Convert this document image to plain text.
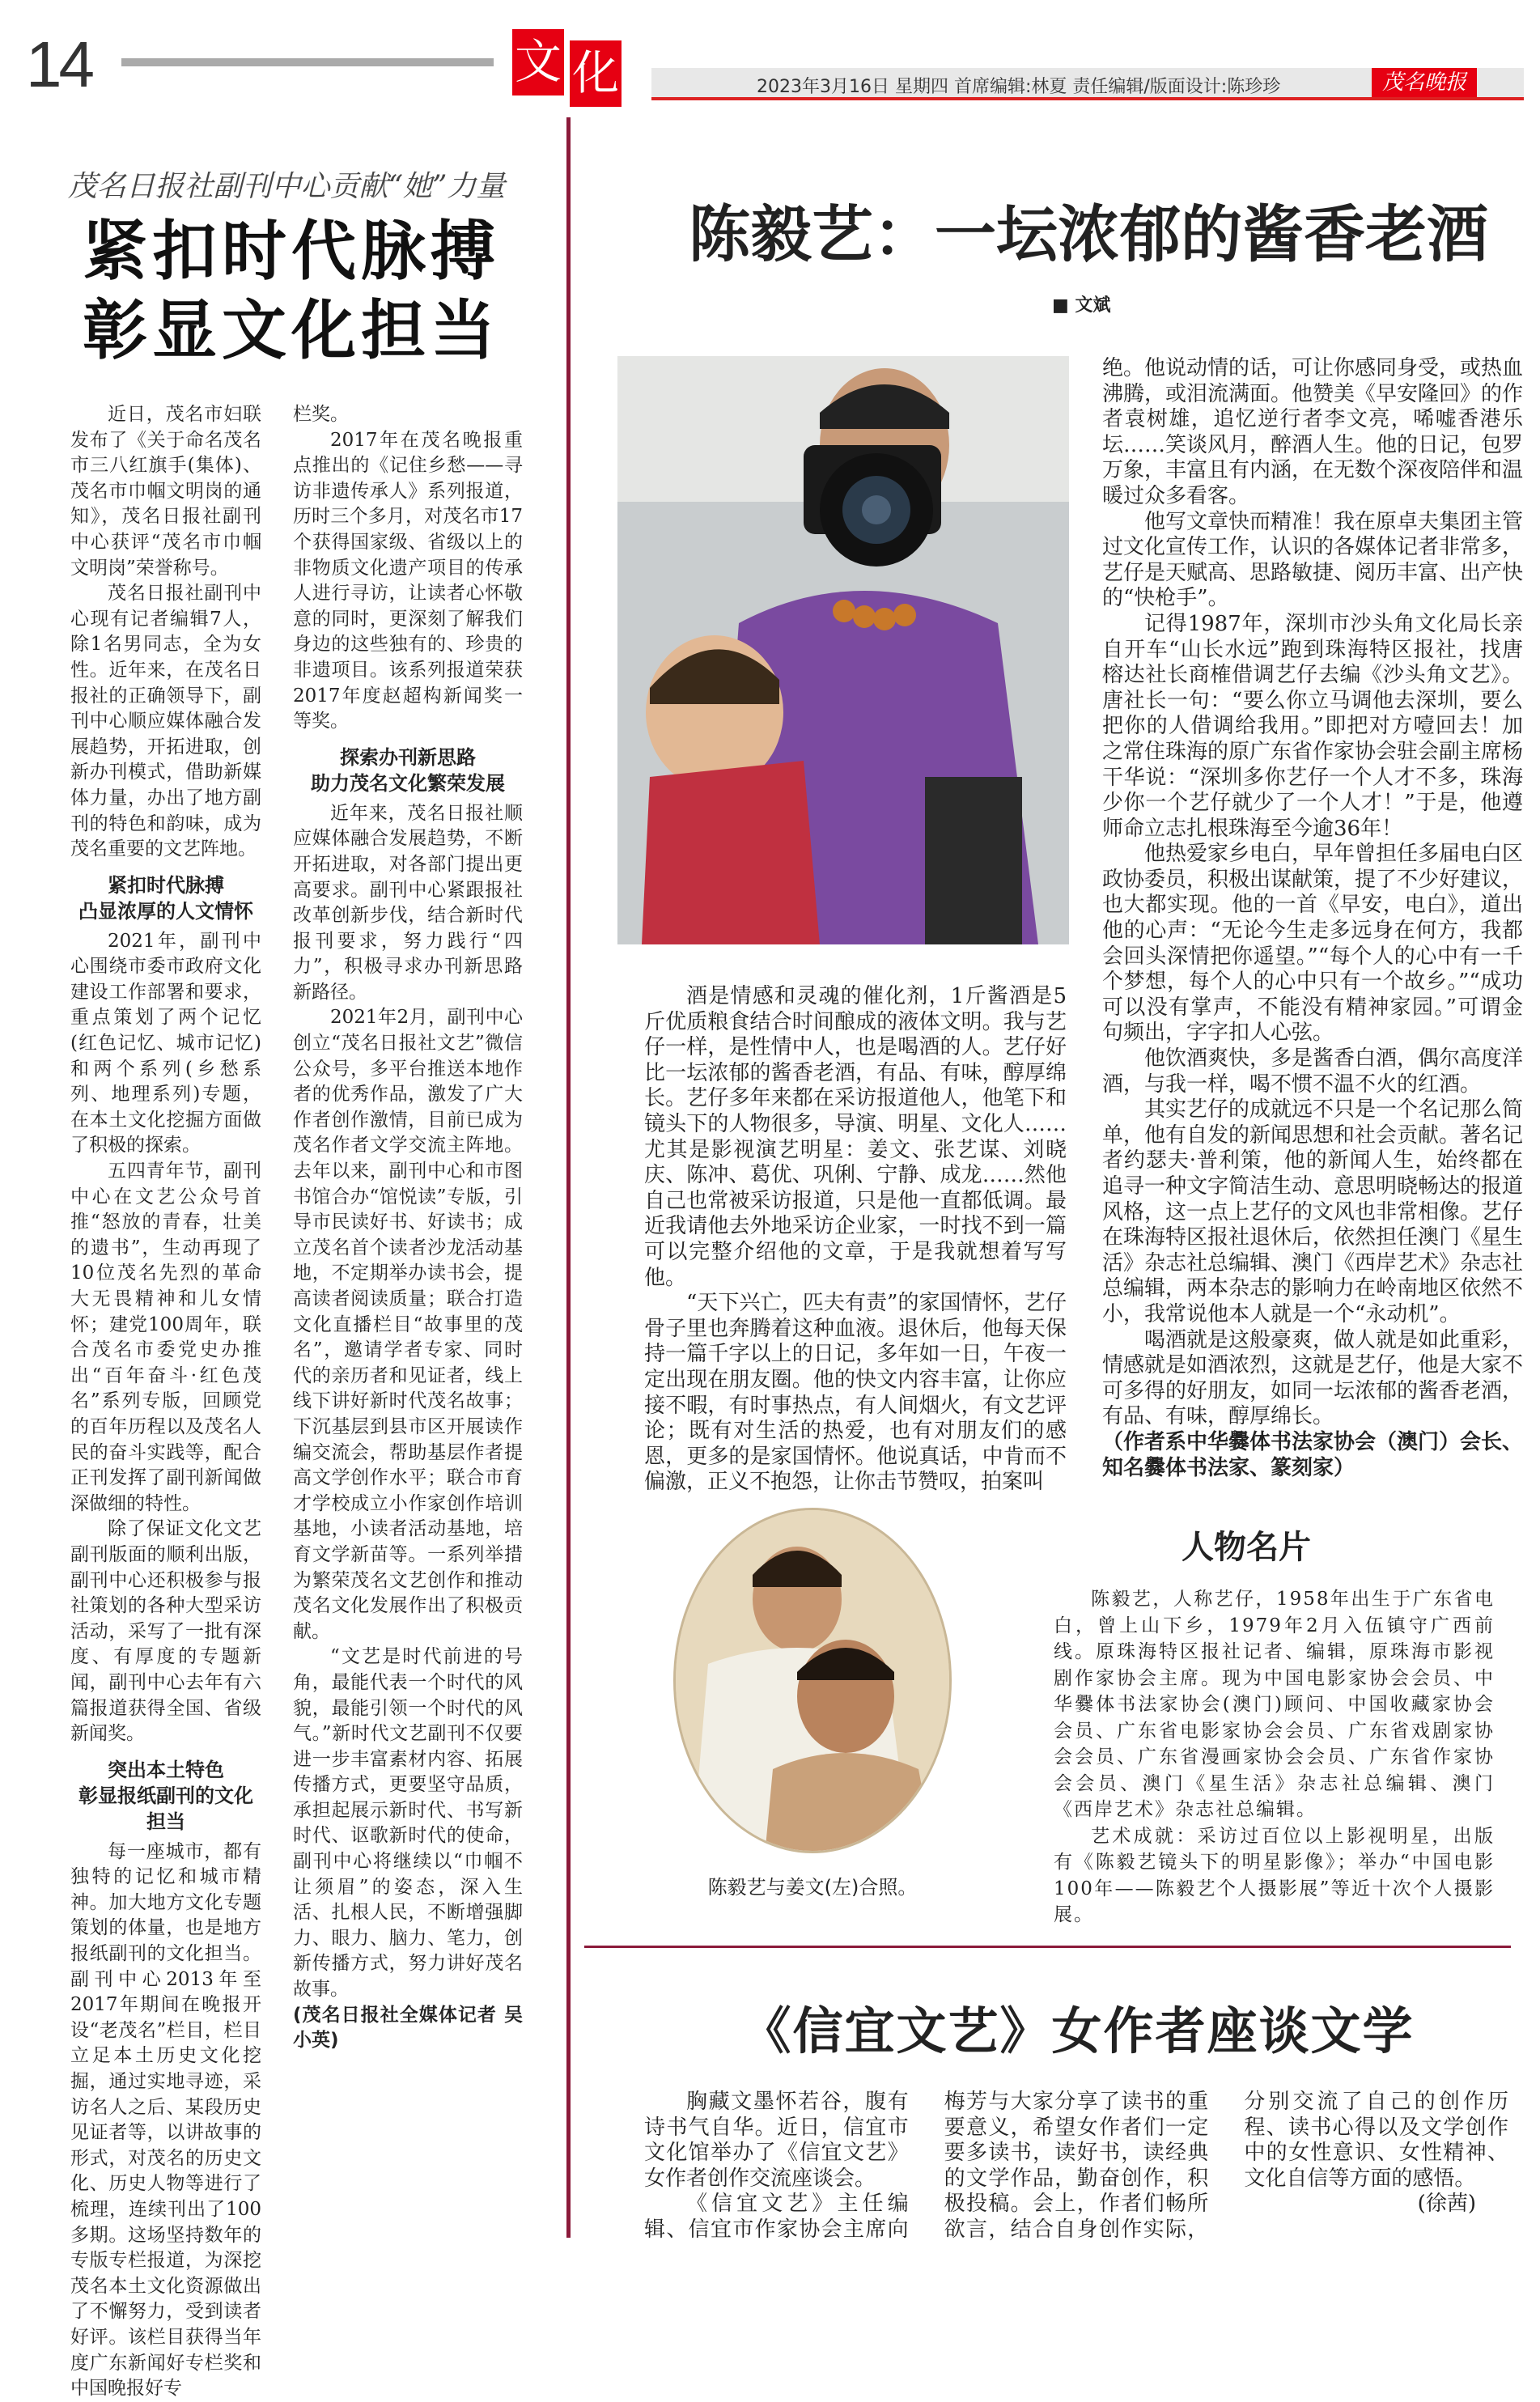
14	文 化	2023年3月16日 星期四 首席编辑:林夏 责任编辑/版面设计:陈珍珍	茂名晚报
茂名日报社副刊中心贡献“她”力量
紧扣时代脉搏
彰显文化担当

近日，茂名市妇联发布了《关于命名茂名市三八红旗手(集体)、茂名市巾帼文明岗的通知》，茂名日报社副刊中心获评“茂名市巾帼文明岗”荣誉称号。

茂名日报社副刊中心现有记者编辑7人，除1名男同志，全为女性。近年来，在茂名日报社的正确领导下，副刊中心顺应媒体融合发展趋势，开拓进取，创新办刊模式，借助新媒体力量，办出了地方副刊的特色和韵味，成为茂名重要的文艺阵地。

紧扣时代脉搏
凸显浓厚的人文情怀

2021年，副刊中心围绕市委市政府文化建设工作部署和要求，重点策划了两个记忆(红色记忆、城市记忆)和两个系列(乡愁系列、地理系列)专题，在本土文化挖掘方面做了积极的探索。

五四青年节，副刊中心在文艺公众号首推“怒放的青春，壮美的遗书”，生动再现了10位茂名先烈的革命大无畏精神和儿女情怀；建党100周年，联合茂名市委党史办推出“百年奋斗·红色茂名”系列专版，回顾党的百年历程以及茂名人民的奋斗实践等，配合正刊发挥了副刊新闻做深做细的特性。

除了保证文化文艺副刊版面的顺利出版，副刊中心还积极参与报社策划的各种大型采访活动，采写了一批有深度、有厚度的专题新闻，副刊中心去年有六篇报道获得全国、省级新闻奖。

突出本土特色
彰显报纸副刊的文化担当

每一座城市，都有独特的记忆和城市精神。加大地方文化专题策划的体量，也是地方报纸副刊的文化担当。副刊中心2013年至2017年期间在晚报开设“老茂名”栏目，栏目立足本土历史文化挖掘，通过实地寻迹，采访名人之后、某段历史见证者等，以讲故事的形式，对茂名的历史文化、历史人物等进行了梳理，连续刊出了100多期。这场坚持数年的专版专栏报道，为深挖茂名本土文化资源做出了不懈努力，受到读者好评。该栏目获得当年度广东新闻好专栏奖和中国晚报好专

栏奖。

2017年在茂名晚报重点推出的《记住乡愁——寻访非遗传承人》系列报道，历时三个多月，对茂名市17个获得国家级、省级以上的非物质文化遗产项目的传承人进行寻访，让读者心怀敬意的同时，更深刻了解我们身边的这些独有的、珍贵的非遗项目。该系列报道荣获2017年度赵超构新闻奖一等奖。

探索办刊新思路
助力茂名文化繁荣发展

近年来，茂名日报社顺应媒体融合发展趋势，不断开拓进取，对各部门提出更高要求。副刊中心紧跟报社改革创新步伐，结合新时代报刊要求，努力践行“四力”，积极寻求办刊新思路新路径。

2021年2月，副刊中心创立“茂名日报社文艺”微信公众号，多平台推送本地作者的优秀作品，激发了广大作者创作激情，目前已成为茂名作者文学交流主阵地。去年以来，副刊中心和市图书馆合办“馆悦读”专版，引导市民读好书、好读书；成立茂名首个读者沙龙活动基地，不定期举办读书会，提高读者阅读质量；联合打造文化直播栏目“故事里的茂名”，邀请学者专家、同时代的亲历者和见证者，线上线下讲好新时代茂名故事；下沉基层到县市区开展读作编交流会，帮助基层作者提高文学创作水平；联合市育才学校成立小作家创作培训基地，小读者活动基地，培育文学新苗等。一系列举措为繁荣茂名文艺创作和推动茂名文化发展作出了积极贡献。

“文艺是时代前进的号角，最能代表一个时代的风貌，最能引领一个时代的风气。”新时代文艺副刊不仅要进一步丰富素材内容、拓展传播方式，更要坚守品质，承担起展示新时代、书写新时代、讴歌新时代的使命，副刊中心将继续以“巾帼不让须眉”的姿态，深入生活、扎根人民，不断增强脚力、眼力、脑力、笔力，创新传播方式，努力讲好茂名故事。

(茂名日报社全媒体记者 吴小英)

陈毅艺：一坛浓郁的酱香老酒
■ 文斌

酒是情感和灵魂的催化剂，1斤酱酒是5斤优质粮食结合时间酿成的液体文明。我与艺仔一样，是性情中人，也是喝酒的人。艺仔好比一坛浓郁的酱香老酒，有品、有味，醇厚绵长。艺仔多年来都在采访报道他人，他笔下和镜头下的人物很多，导演、明星、文化人……尤其是影视演艺明星：姜文、张艺谋、刘晓庆、陈冲、葛优、巩俐、宁静、成龙……然他自己也常被采访报道，只是他一直都低调。最近我请他去外地采访企业家，一时找不到一篇可以完整介绍他的文章，于是我就想着写写他。

“天下兴亡，匹夫有责”的家国情怀，艺仔骨子里也奔腾着这种血液。退休后，他每天保持一篇千字以上的日记，多年如一日，午夜一定出现在朋友圈。他的快文内容丰富，让你应接不暇，有时事热点，有人间烟火，有文艺评论；既有对生活的热爱，也有对朋友们的感恩，更多的是家国情怀。他说真话，中肯而不偏激，正义不抱怨，让你击节赞叹，拍案叫

绝。他说动情的话，可让你感同身受，或热血沸腾，或泪流满面。他赞美《早安隆回》的作者袁树雄，追忆逆行者李文亮，唏嘘香港乐坛……笑谈风月，醉酒人生。他的日记，包罗万象，丰富且有内涵，在无数个深夜陪伴和温暖过众多看客。

他写文章快而精准！我在原卓夫集团主管过文化宣传工作，认识的各媒体记者非常多，艺仔是天赋高、思路敏捷、阅历丰富、出产快的“快枪手”。

记得1987年，深圳市沙头角文化局长亲自开车“山长水远”跑到珠海特区报社，找唐榕达社长商榷借调艺仔去编《沙头角文艺》。唐社长一句：“要么你立马调他去深圳，要么把你的人借调给我用。”即把对方噎回去！加之常住珠海的原广东省作家协会驻会副主席杨干华说：“深圳多你艺仔一个人才不多，珠海少你一个艺仔就少了一个人才！”于是，他遵师命立志扎根珠海至今逾36年！

他热爱家乡电白，早年曾担任多届电白区政协委员，积极出谋献策，提了不少好建议，也大都实现。他的一首《早安，电白》，道出他的心声：“无论今生走多远身在何方，我都会回头深情把你遥望。”“每个人的心中有一千个梦想，每个人的心中只有一个故乡。”“成功可以没有掌声，不能没有精神家园。”可谓金句频出，字字扣人心弦。

他饮酒爽快，多是酱香白酒，偶尔高度洋酒，与我一样，喝不惯不温不火的红酒。

其实艺仔的成就远不只是一个名记那么简单，他有自发的新闻思想和社会贡献。著名记者约瑟夫·普利策，他的新闻人生，始终都在追寻一种文字简洁生动、意思明晓畅达的报道风格，这一点上艺仔的文风也非常相像。艺仔在珠海特区报社退休后，依然担任澳门《星生活》杂志社总编辑、澳门《西岸艺术》杂志社总编辑，两本杂志的影响力在岭南地区依然不小，我常说他本人就是一个“永动机”。

喝酒就是这般豪爽，做人就是如此重彩，情感就是如酒浓烈，这就是艺仔，他是大家不可多得的好朋友，如同一坛浓郁的酱香老酒，有品、有味，醇厚绵长。

（作者系中华爨体书法家协会（澳门）会长、知名爨体书法家、篆刻家）

陈毅艺与姜文(左)合照。
人物名片

陈毅艺，人称艺仔，1958年出生于广东省电白，曾上山下乡，1979年2月入伍镇守广西前线。原珠海特区报社记者、编辑，原珠海市影视剧作家协会主席。现为中国电影家协会会员、中华爨体书法家协会(澳门)顾问、中国收藏家协会会员、广东省电影家协会会员、广东省戏剧家协会会员、广东省漫画家协会会员、广东省作家协会会员、澳门《星生活》杂志社总编辑、澳门《西岸艺术》杂志社总编辑。

艺术成就：采访过百位以上影视明星，出版有《陈毅艺镜头下的明星影像》；举办“中国电影100年——陈毅艺个人摄影展”等近十次个人摄影展。

《信宜文艺》女作者座谈文学

胸藏文墨怀若谷，腹有诗书气自华。近日，信宜市文化馆举办了《信宜文艺》女作者创作交流座谈会。

《信宜文艺》主任编辑、信宜市作家协会主席向梅芳与大家分享了读书的重要意义，希望女作者们一定要多读书，读好书，读经典的文学作品，勤奋创作，积极投稿。会上，作者们畅所欲言，结合自身创作实际，分别交流了自己的创作历程、读书心得以及文学创作中的女性意识、女性精神、文化自信等方面的感悟。

(徐茜)
